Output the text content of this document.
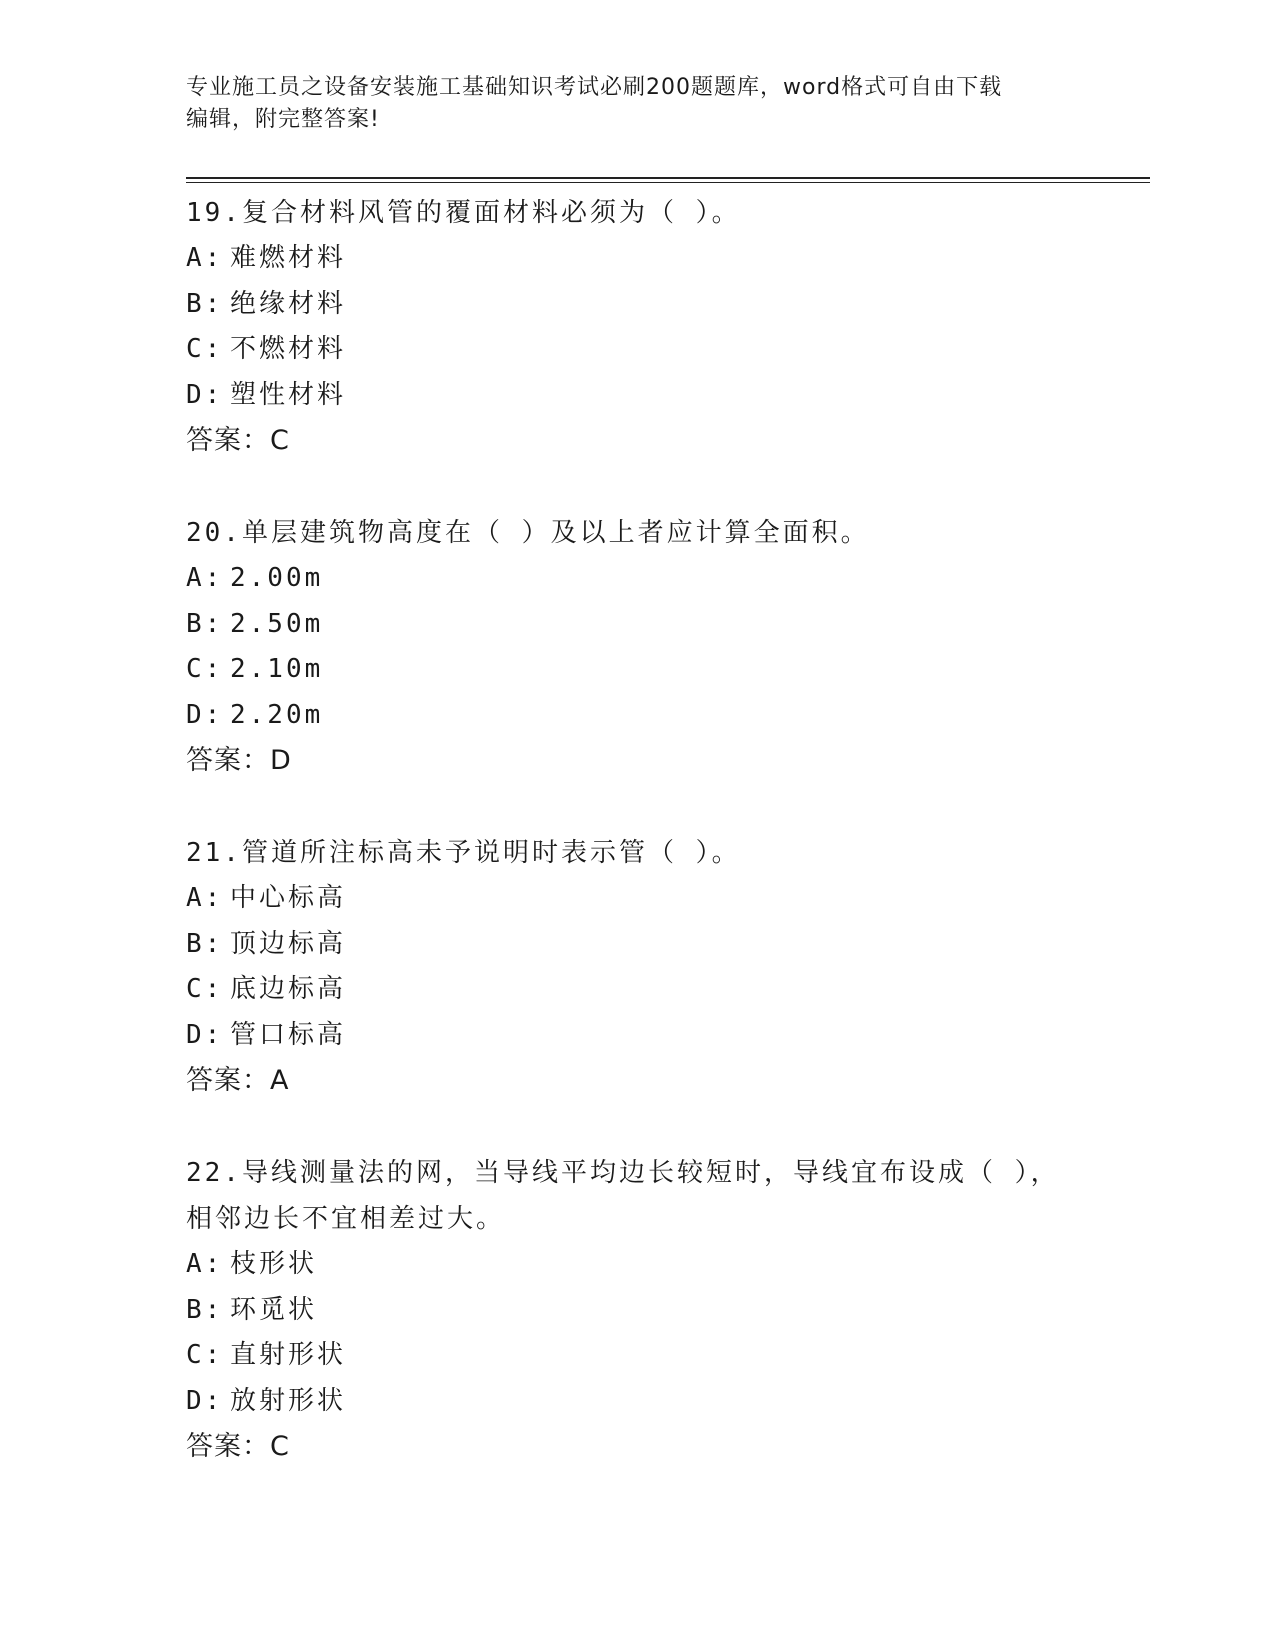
专业施工员之设备安装施工基础知识考试必刷200题题库，word格式可自由下载
编辑，附完整答案!
19.复合材料风管的覆面材料必须为（ ）。
A: 难燃材料
B: 绝缘材料
C: 不燃材料
D: 塑性材料
答案：C
20.单层建筑物高度在（ ）及以上者应计算全面积。
A: 2.00m
B: 2.50m
C: 2.10m
D: 2.20m
答案：D
21.管道所注标高未予说明时表示管（ ）。
A: 中心标高
B: 顶边标高
C: 底边标高
D: 管口标高
答案：A
22.导线测量法的网，当导线平均边长较短时，导线宜布设成（ ），
相邻边长不宜相差过大。
A: 枝形状
B: 环觅状
C: 直射形状
D: 放射形状
答案：C
